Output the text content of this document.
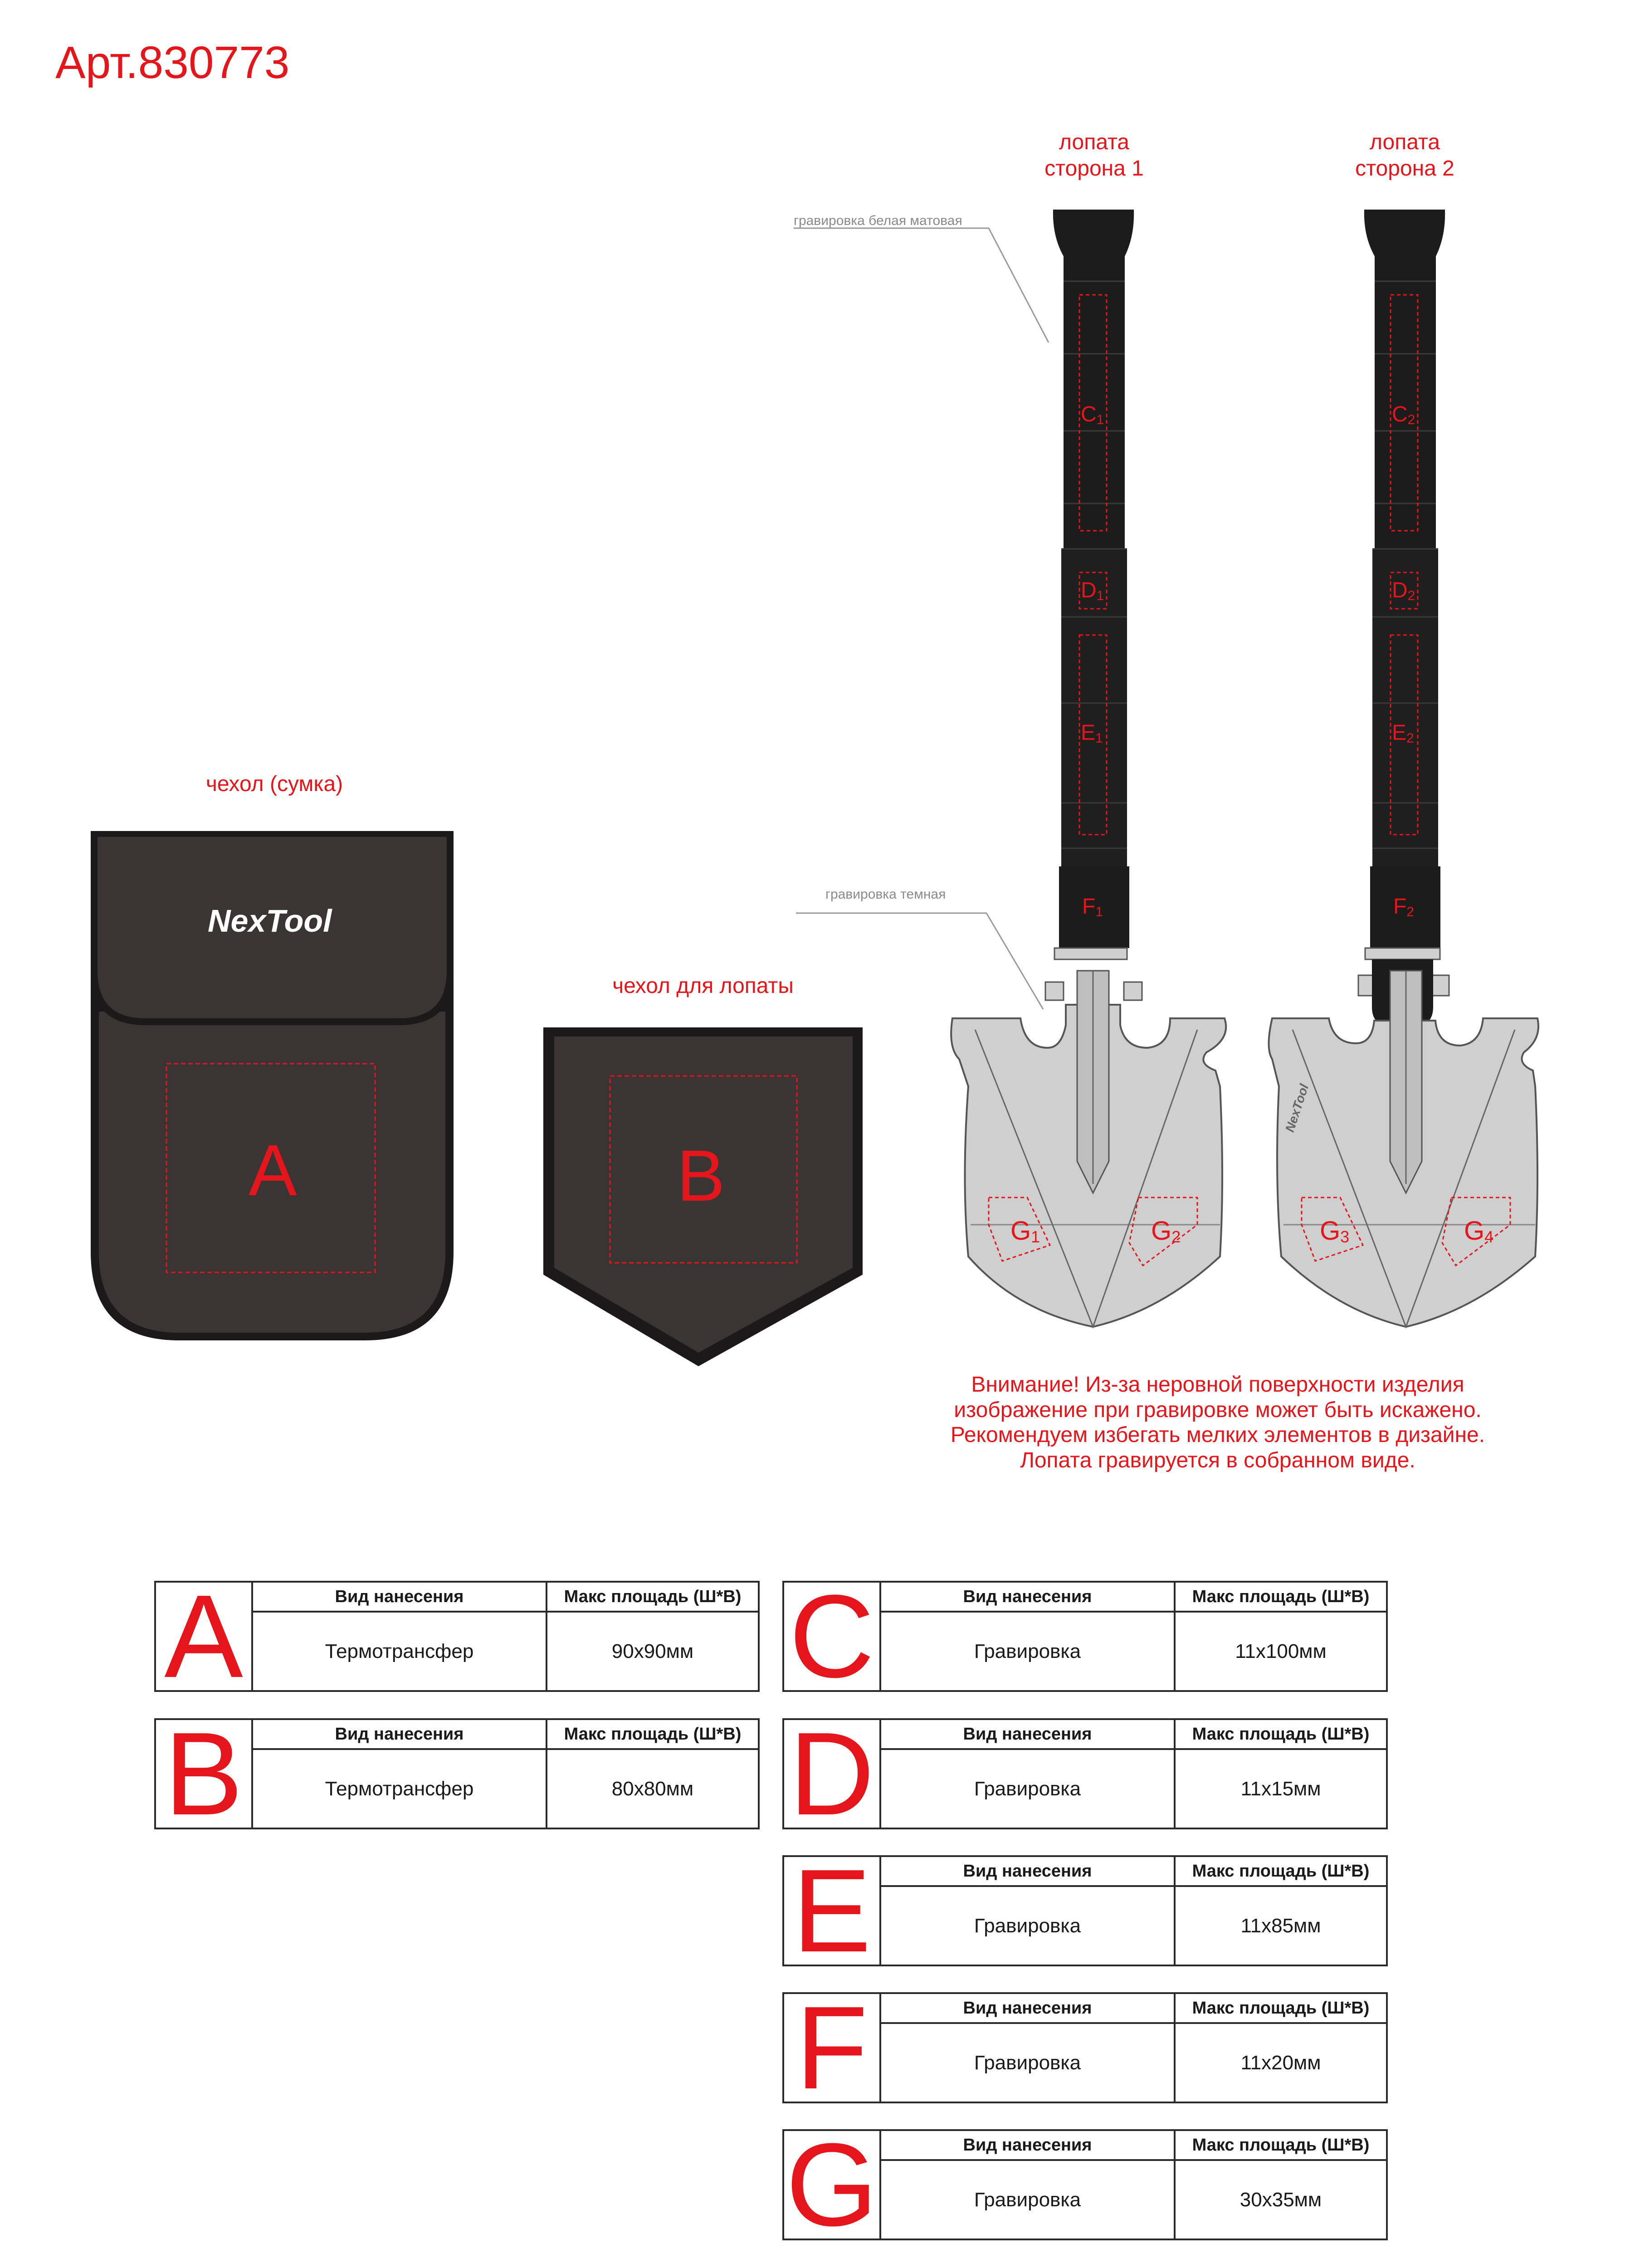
Арт.830773
лопата
сторона 1
лопата
сторона 2
гравировка белая матовая
гравировка темная
чехол (сумка)
чехол для лопаты
NexTool
A	B
NexTool
$C_1$
$D_1$
$E_1$
$F_1$
$C_2$
$D_2$
$E_2$
$F_2$
$G_1$	$G_2$	$G_3$	$G_4$
Внимание! Из-за неровной поверхности изделия
изображение при гравировке может быть искажено.
Рекомендуем избегать мелких элементов в дизайне.
Лопата гравируется в собранном виде.
A	Вид нанесения	Макс площадь (Ш*В)
Термотрансфер	90х90мм
B	Вид нанесения	Макс площадь (Ш*В)
Термотрансфер	80х80мм
C	Вид нанесения	Макс площадь (Ш*В)
Гравировка	11х100мм
D	Вид нанесения	Макс площадь (Ш*В)
Гравировка	11х15мм
E	Вид нанесения	Макс площадь (Ш*В)
Гравировка	11х85мм
F	Вид нанесения	Макс площадь (Ш*В)
Гравировка	11х20мм
G	Вид нанесения	Макс площадь (Ш*В)
Гравировка	30х35мм
